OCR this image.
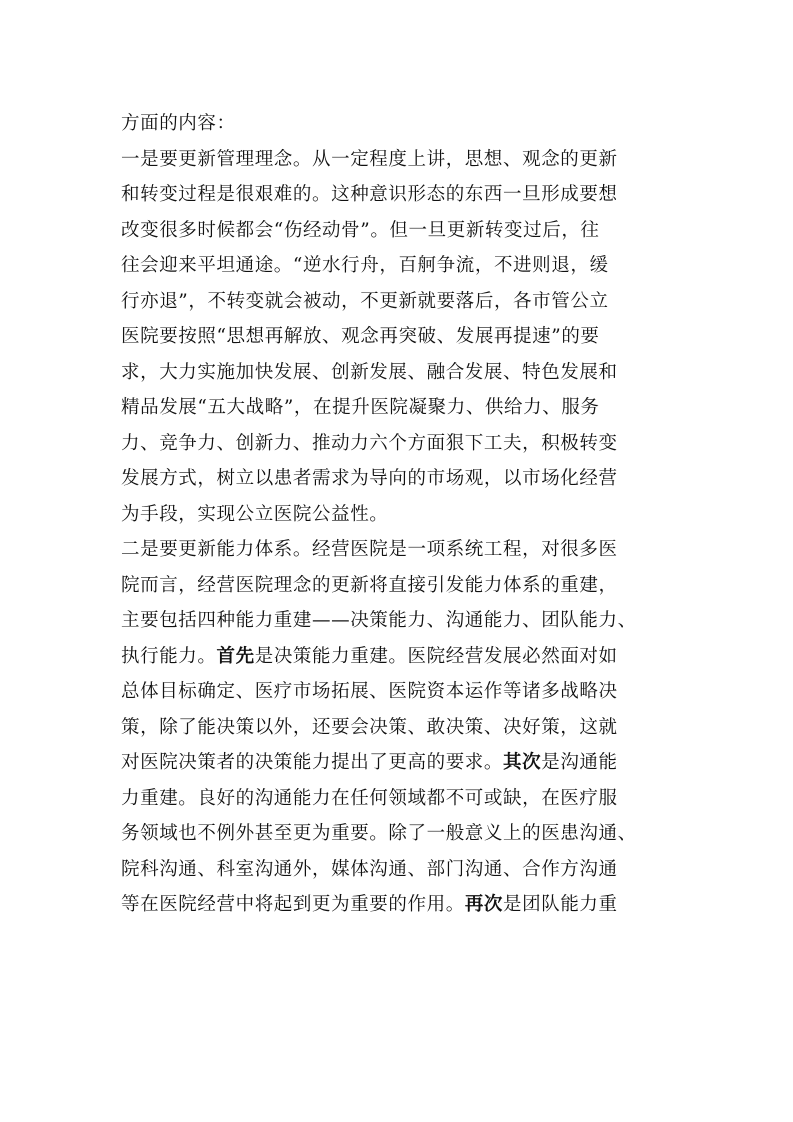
方面的内容：
一是要更新管理理念。从一定程度上讲，思想、观念的更新
和转变过程是很艰难的。这种意识形态的东西一旦形成要想
改变很多时候都会“伤经动骨”。但一旦更新转变过后，往
往会迎来平坦通途。“逆水行舟，百舸争流，不进则退，缓
行亦退”，不转变就会被动，不更新就要落后，各市管公立
医院要按照“思想再解放、观念再突破、发展再提速”的要
求，大力实施加快发展、创新发展、融合发展、特色发展和
精品发展“五大战略”，在提升医院凝聚力、供给力、服务
力、竞争力、创新力、推动力六个方面狠下工夫，积极转变
发展方式，树立以患者需求为导向的市场观，以市场化经营
为手段，实现公立医院公益性。
二是要更新能力体系。经营医院是一项系统工程，对很多医
院而言，经营医院理念的更新将直接引发能力体系的重建，
主要包括四种能力重建——决策能力、沟通能力、团队能力、
执行能力。首先是决策能力重建。医院经营发展必然面对如
总体目标确定、医疗市场拓展、医院资本运作等诸多战略决
策，除了能决策以外，还要会决策、敢决策、决好策，这就
对医院决策者的决策能力提出了更高的要求。其次是沟通能
力重建。良好的沟通能力在任何领域都不可或缺，在医疗服
务领域也不例外甚至更为重要。除了一般意义上的医患沟通、
院科沟通、科室沟通外，媒体沟通、部门沟通、合作方沟通
等在医院经营中将起到更为重要的作用。再次是团队能力重
